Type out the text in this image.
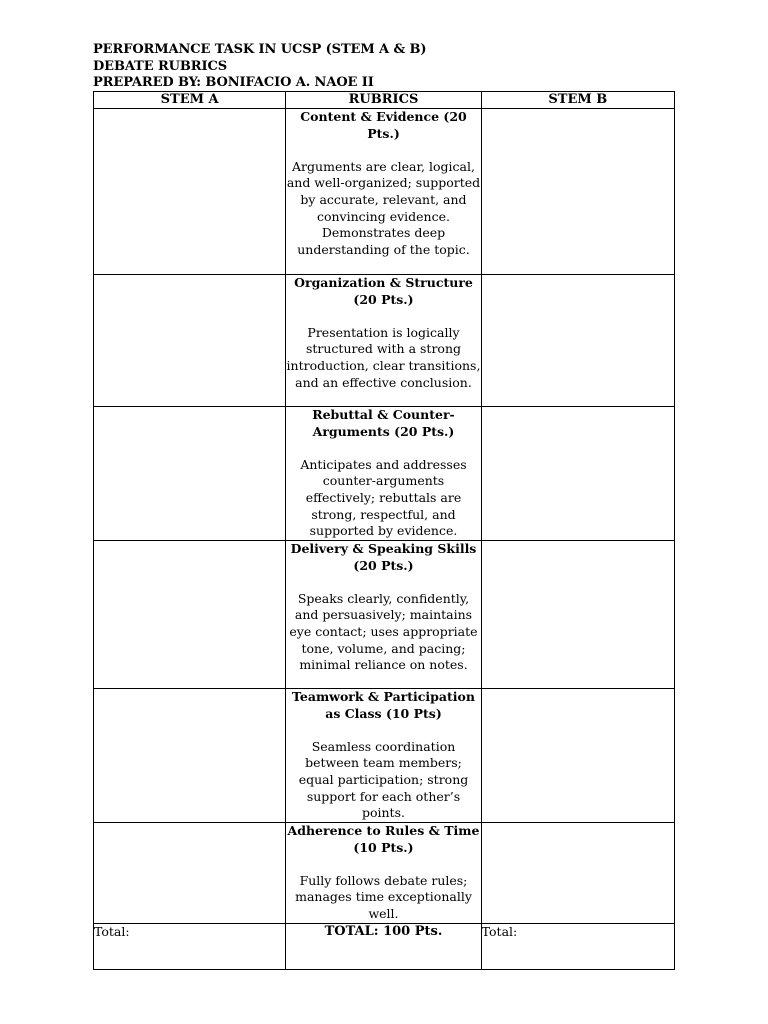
PERFORMANCE TASK IN UCSP (STEM A & B)
DEBATE RUBRICS
PREPARED BY: BONIFACIO A. NAOE II
STEM A	RUBRICS	STEM B

	Content & Evidence (20 Pts.)
Arguments are clear, logical, and well-organized; supported by accurate, relevant, and convincing evidence. Demonstrates deep understanding of the topic.	

	Organization & Structure (20 Pts.)
Presentation is logically structured with a strong introduction, clear transitions, and an effective conclusion.	

	Rebuttal & Counter-Arguments (20 Pts.)
Anticipates and addresses counter-arguments effectively; rebuttals are strong, respectful, and supported by evidence.	

	Delivery & Speaking Skills (20 Pts.)
Speaks clearly, confidently, and persuasively; maintains eye contact; uses appropriate tone, volume, and pacing; minimal reliance on notes.	

	Teamwork & Participation as Class (10 Pts)
Seamless coordination between team members; equal participation; strong support for each other’s points.	

	Adherence to Rules & Time (10 Pts.)
Fully follows debate rules; manages time exceptionally well.	

Total:	TOTAL: 100 Pts.	Total:
